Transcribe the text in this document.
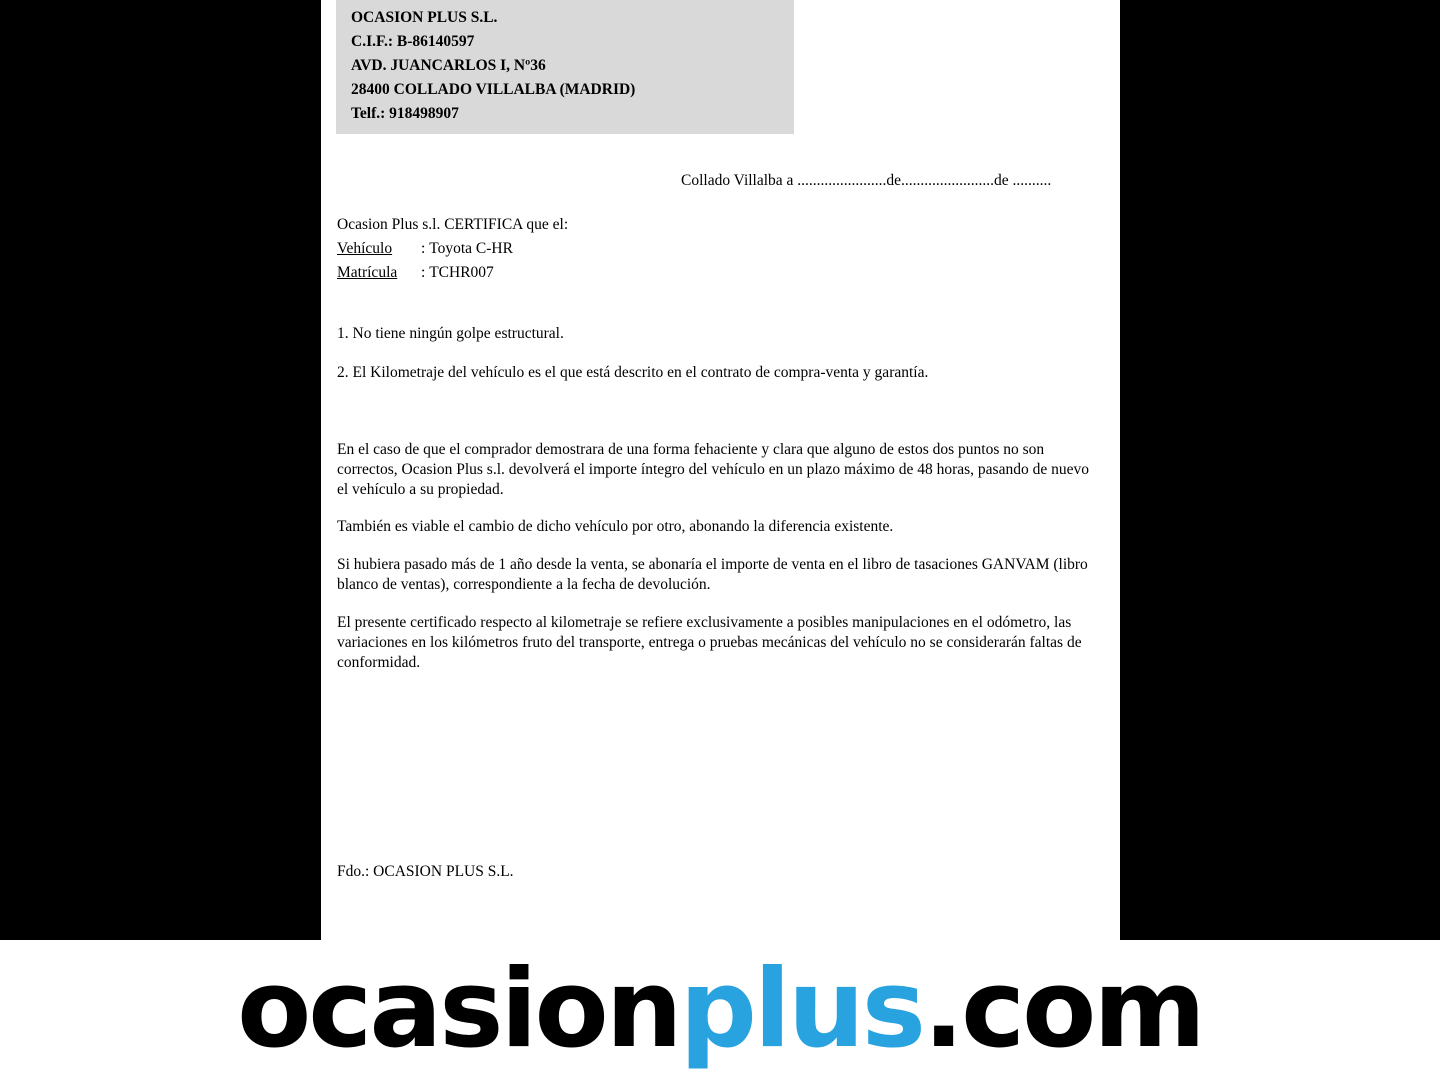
OCASION PLUS S.L.
C.I.F.: B-86140597
AVD. JUANCARLOS I, Nº36
28400 COLLADO VILLALBA (MADRID)
Telf.: 918498907
Collado Villalba a .......................de........................de ..........
Ocasion Plus s.l. CERTIFICA que el:
Vehículo : Toyota C-HR
Matrícula : TCHR007
1. No tiene ningún golpe estructural.
2. El Kilometraje del vehículo es el que está descrito en el contrato de compra-venta y garantía.
En el caso de que el comprador demostrara de una forma fehaciente y clara que alguno de estos dos puntos no son correctos, Ocasion Plus s.l. devolverá el importe íntegro del vehículo en un plazo máximo de 48 horas, pasando de nuevo el vehículo a su propiedad.
También es viable el cambio de dicho vehículo por otro, abonando la diferencia existente.
Si hubiera pasado más de 1 año desde la venta, se abonaría el importe de venta en el libro de tasaciones GANVAM (libro blanco de ventas), correspondiente a la fecha de devolución.
El presente certificado respecto al kilometraje se refiere exclusivamente a posibles manipulaciones en el odómetro, las variaciones en los kilómetros fruto del transporte, entrega o pruebas mecánicas del vehículo no se considerarán faltas de conformidad.
Fdo.: OCASION PLUS S.L.
ocasionplus.com
